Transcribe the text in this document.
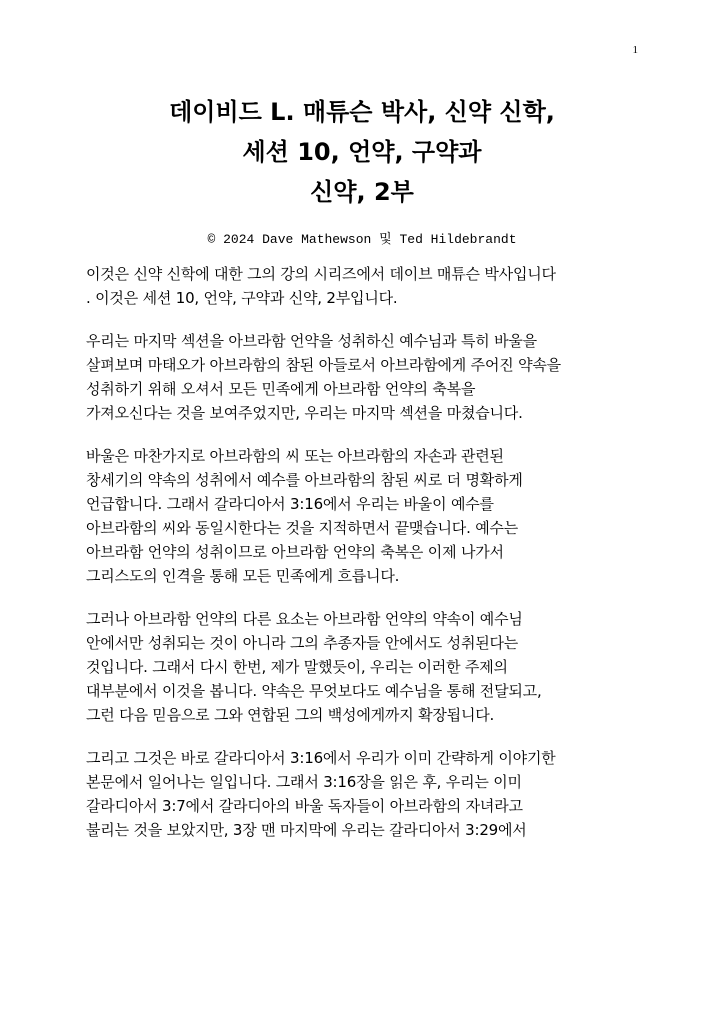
1
데이비드 L. 매튜슨 박사, 신약 신학,
세션 10, 언약, 구약과
신약, 2부
© 2024 Dave Mathewson 및 Ted Hildebrandt

이것은 신약 신학에 대한 그의 강의 시리즈에서 데이브 매튜슨 박사입니다
. 이것은 세션 10, 언약, 구약과 신약, 2부입니다.

우리는 마지막 섹션을 아브라함 언약을 성취하신 예수님과 특히 바울을
살펴보며 마태오가 아브라함의 참된 아들로서 아브라함에게 주어진 약속을
성취하기 위해 오셔서 모든 민족에게 아브라함 언약의 축복을
가져오신다는 것을 보여주었지만, 우리는 마지막 섹션을 마쳤습니다.

바울은 마찬가지로 아브라함의 씨 또는 아브라함의 자손과 관련된
창세기의 약속의 성취에서 예수를 아브라함의 참된 씨로 더 명확하게
언급합니다. 그래서 갈라디아서 3:16에서 우리는 바울이 예수를
아브라함의 씨와 동일시한다는 것을 지적하면서 끝맺습니다. 예수는
아브라함 언약의 성취이므로 아브라함 언약의 축복은 이제 나가서
그리스도의 인격을 통해 모든 민족에게 흐릅니다.

그러나 아브라함 언약의 다른 요소는 아브라함 언약의 약속이 예수님
안에서만 성취되는 것이 아니라 그의 추종자들 안에서도 성취된다는
것입니다. 그래서 다시 한번, 제가 말했듯이, 우리는 이러한 주제의
대부분에서 이것을 봅니다. 약속은 무엇보다도 예수님을 통해 전달되고,
그런 다음 믿음으로 그와 연합된 그의 백성에게까지 확장됩니다.

그리고 그것은 바로 갈라디아서 3:16에서 우리가 이미 간략하게 이야기한
본문에서 일어나는 일입니다. 그래서 3:16장을 읽은 후, 우리는 이미
갈라디아서 3:7에서 갈라디아의 바울 독자들이 아브라함의 자녀라고
불리는 것을 보았지만, 3장 맨 마지막에 우리는 갈라디아서 3:29에서
